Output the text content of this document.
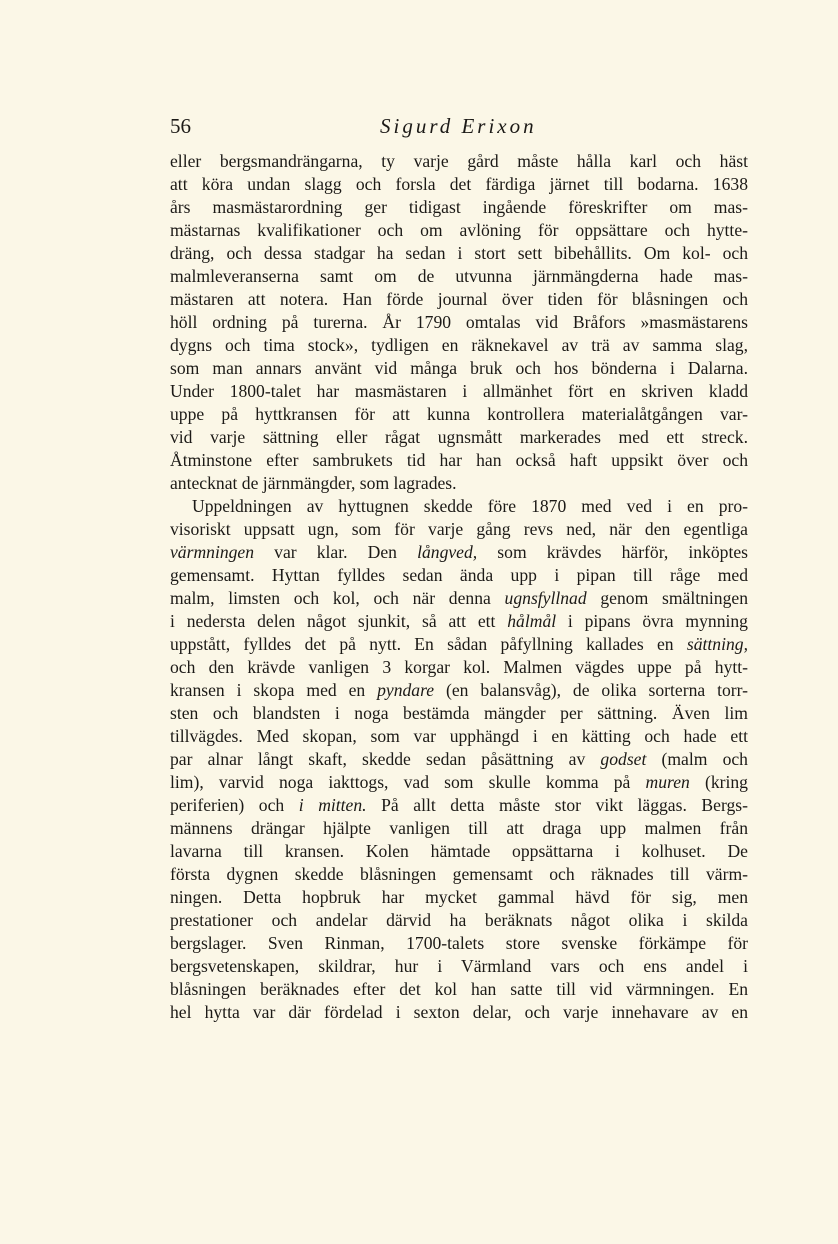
56	Sigurd Erixon
eller bergsmandrängarna, ty varje gård måste hålla karl och häst
att köra undan slagg och forsla det färdiga järnet till bodarna. 1638
års masmästarordning ger tidigast ingående föreskrifter om mas-
mästarnas kvalifikationer och om avlöning för oppsättare och hytte-
dräng, och dessa stadgar ha sedan i stort sett bibehållits. Om kol- och
malmleveranserna samt om de utvunna järnmängderna hade mas-
mästaren att notera. Han förde journal över tiden för blåsningen och
höll ordning på turerna. År 1790 omtalas vid Bråfors »masmästarens
dygns och tima stock», tydligen en räknekavel av trä av samma slag,
som man annars använt vid många bruk och hos bönderna i Dalarna.
Under 1800-talet har masmästaren i allmänhet fört en skriven kladd
uppe på hyttkransen för att kunna kontrollera materialåtgången var-
vid varje sättning eller rågat ugnsmått markerades med ett streck.
Åtminstone efter sambrukets tid har han också haft uppsikt över och
antecknat de järnmängder, som lagrades.
Uppeldningen av hyttugnen skedde före 1870 med ved i en pro-
visoriskt uppsatt ugn, som för varje gång revs ned, när den egentliga
värmningen var klar. Den långved, som krävdes härför, inköptes
gemensamt. Hyttan fylldes sedan ända upp i pipan till råge med
malm, limsten och kol, och när denna ugnsfyllnad genom smältningen
i nedersta delen något sjunkit, så att ett hålmål i pipans övra mynning
uppstått, fylldes det på nytt. En sådan påfyllning kallades en sättning,
och den krävde vanligen 3 korgar kol. Malmen vägdes uppe på hytt-
kransen i skopa med en pyndare (en balansvåg), de olika sorterna torr-
sten och blandsten i noga bestämda mängder per sättning. Även lim
tillvägdes. Med skopan, som var upphängd i en kätting och hade ett
par alnar långt skaft, skedde sedan påsättning av godset (malm och
lim), varvid noga iakttogs, vad som skulle komma på muren (kring
periferien) och i mitten. På allt detta måste stor vikt läggas. Bergs-
männens drängar hjälpte vanligen till att draga upp malmen från
lavarna till kransen. Kolen hämtade oppsättarna i kolhuset. De
första dygnen skedde blåsningen gemensamt och räknades till värm-
ningen. Detta hopbruk har mycket gammal hävd för sig, men
prestationer och andelar därvid ha beräknats något olika i skilda
bergslager. Sven Rinman, 1700-talets store svenske förkämpe för
bergsvetenskapen, skildrar, hur i Värmland vars och ens andel i
blåsningen beräknades efter det kol han satte till vid värmningen. En
hel hytta var där fördelad i sexton delar, och varje innehavare av en
